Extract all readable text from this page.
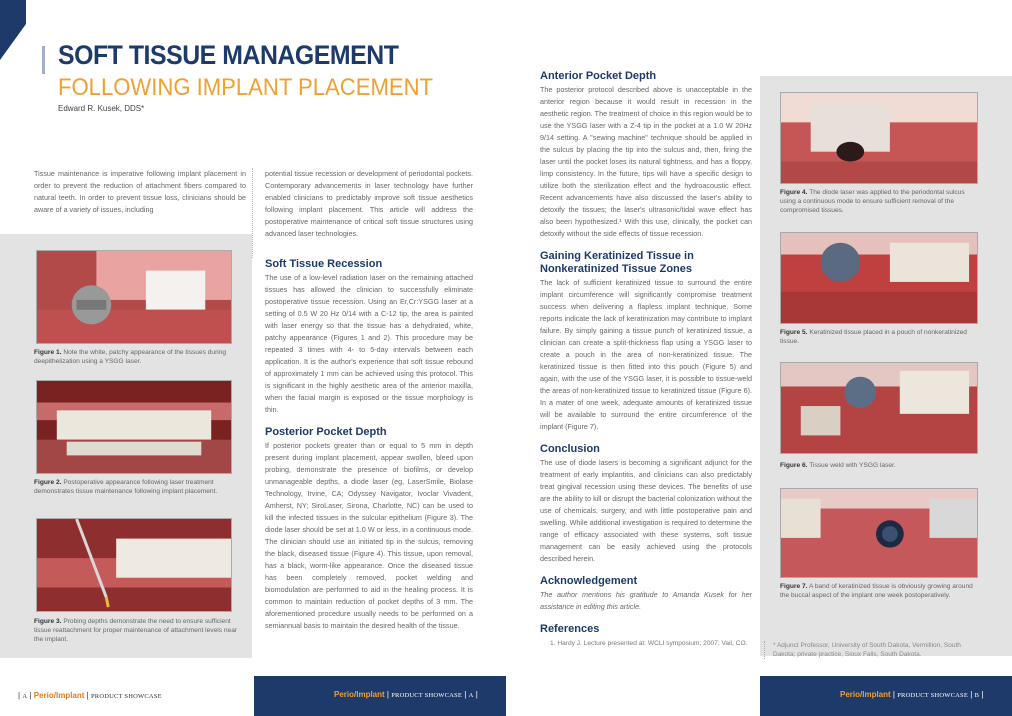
SOFT TISSUE MANAGEMENT
FOLLOWING IMPLANT PLACEMENT
Edward R. Kusek, DDS*

Tissue maintenance is imperative following implant placement in order to prevent the reduction of attachment fibers compared to natural teeth. In order to prevent tissue loss, clinicians should be aware of a variety of issues, including

potential tissue recession or development of periodontal pockets. Contemporary advancements in laser technology have further enabled clinicians to predictably improve soft tissue aesthetics following implant placement. This article will address the postoperative maintenance of critical soft tissue structures using advanced laser technologies.

Figure 1. Note the white, patchy appearance of the tissues during deepithelization using a YSGG laser.
Figure 2. Postoperative appearance following laser treatment demonstrates tissue maintenance following implant placement.
Figure 3. Probing depths demonstrate the need to ensure sufficient tissue reattachment for proper maintenance of attachment levels near the implant.
Soft Tissue Recession

The use of a low-level radiation laser on the remaining attached tissues has allowed the clinician to successfully eliminate postoperative tissue recession. Using an Er,Cr:YSGG laser at a setting of 0.5 W 20 Hz 0/14 with a C-12 tip, the area is painted with laser energy so that the tissue has a dehydrated, white, patchy appearance (Figures 1 and 2). This procedure may be repeated 3 times with 4- to 5-day intervals between each application. It is the author's experience that soft tissue rebound of approximately 1 mm can be achieved using this protocol. This is significant in the highly aesthetic area of the anterior maxilla, when the facial margin is exposed or the tissue morphology is thin.

Posterior Pocket Depth

If posterior pockets greater than or equal to 5 mm in depth present during implant placement, appear swollen, bleed upon probing, demonstrate the presence of biofilms, or develop unmanageable depths, a diode laser (eg, LaserSmile, Biolase Technology, Irvine, CA; Odyssey Navigator, Ivoclar Vivadent, Amherst, NY; SiroLaser, Sirona, Charlotte, NC) can be used to kill the infected tissues in the sulcular epithelium (Figure 3). The diode laser should be set at 1.0 W or less, in a continuous mode. The clinician should use an initiated tip in the sulcus, removing the black, diseased tissue (Figure 4). This tissue, upon removal, has a black, worm-like appearance. Once the diseased tissue has been completely removed, pocket welding and biomodulation are performed to aid in the healing process. It is common to maintain reduction of pocket depths of 3 mm. The aforementioned procedure usually needs to be performed on a semiannual basis to maintain the desired health of the tissue.

| A | Perio/Implant | PRODUCT SHOWCASE	Perio/Implant | PRODUCT SHOWCASE | A |
Anterior Pocket Depth

The posterior protocol described above is unacceptable in the anterior region because it would result in recession in the aesthetic region. The treatment of choice in this region would be to use the YSGG laser with a Z-4 tip in the pocket at a 1.0 W 20Hz 9/14 setting. A "sewing machine" technique should be applied in the sulcus by placing the tip into the sulcus and, then, firing the laser until the pocket loses its natural tightness, and has a floppy, limp consistency. In the future, tips will have a specific design to utilize both the sterilization effect and the hydroacoustic effect. Recent advancements have also discussed the laser's ability to detoxify the tissues; the laser's ultrasonic/tidal wave effect has also been hypothesized.¹ With this use, clinically, the pocket can detoxify without the side effects of tissue recession.

Gaining Keratinized Tissue in Nonkeratinized Tissue Zones

The lack of sufficient keratinized tissue to surround the entire implant circumference will significantly compromise treatment success when delivering a flapless implant technique. Some reports indicate the lack of keratinization may contribute to implant failure. By simply gaining a tissue punch of keratinized tissue, a clinician can create a split-thickness flap using a YSGG laser to create a pouch in the area of non-keratinized tissue. The keratinized tissue is then fitted into this pouch (Figure 5) and again, with the use of the YSGG laser, it is possible to tissue-weld the areas of non-keratinized tissue to keratinized tissue (Figure 6). In a mater of one week, adequate amounts of keratinized tissue will be available to surround the entire circumference of the implant (Figure 7).

Conclusion

The use of diode lasers is becoming a significant adjunct for the treatment of early implantitis, and clinicians can also predictably treat gingival recession using these devices. The benefits of use are the ability to kill or disrupt the bacterial colonization without the use of chemicals, surgery, and with little postoperative pain and swelling. While additional investigation is required to determine the range of efficacy associated with these systems, soft tissue management can be easily achieved using the protocols described herein.

Acknowledgement

The author mentions his gratitude to Amanda Kusek for her assistance in editing this article.

References

1. Hardy J. Lecture presented at: WCLI symposium; 2007; Vail, CO.

Figure 4. The diode laser was applied to the periodontal sulcus using a continuous mode to ensure sufficient removal of the compromised tissues.
Figure 5. Keratinized tissue placed in a pouch of nonkeratinized tissue.
Figure 6. Tissue weld with YSGG laser.
Figure 7. A band of keratinized tissue is obviously growing around the buccal aspect of the implant one week postoperatively.
* Adjunct Professor, University of South Dakota, Vermillion, South Dakota; private practice, Sioux Falls, South Dakota.
Perio/Implant | PRODUCT SHOWCASE | B |
